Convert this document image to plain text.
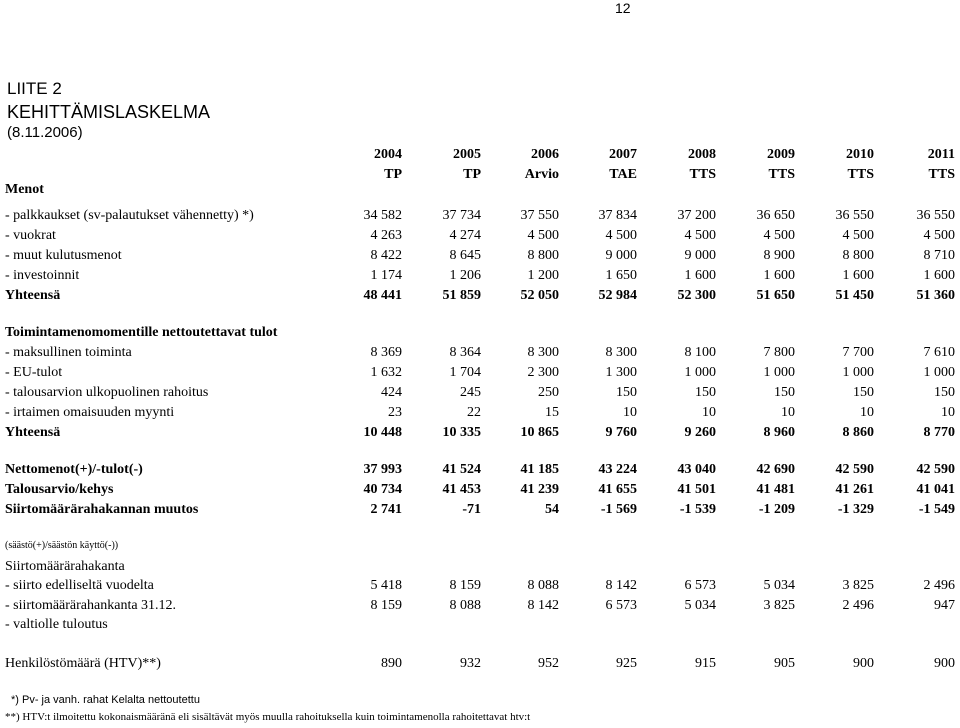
12
LIITE 2
KEHITTÄMISLASKELMA
(8.11.2006)
2004	2005	2006	2007	2008	2009	2010	2011
TP	TP	Arvio	TAE	TTS	TTS	TTS	TTS
Menot
- palkkaukset (sv-palautukset vähennetty) *)	34 582	37 734	37 550	37 834	37 200	36 650	36 550	36 550
- vuokrat	4 263	4 274	4 500	4 500	4 500	4 500	4 500	4 500
- muut kulutusmenot	8 422	8 645	8 800	9 000	9 000	8 900	8 800	8 710
- investoinnit	1 174	1 206	1 200	1 650	1 600	1 600	1 600	1 600
Yhteensä	48 441	51 859	52 050	52 984	52 300	51 650	51 450	51 360
Toimintamenomomentille nettoutettavat tulot
- maksullinen toiminta	8 369	8 364	8 300	8 300	8 100	7 800	7 700	7 610
- EU-tulot	1 632	1 704	2 300	1 300	1 000	1 000	1 000	1 000
- talousarvion ulkopuolinen rahoitus	424	245	250	150	150	150	150	150
- irtaimen omaisuuden myynti	23	22	15	10	10	10	10	10
Yhteensä	10 448	10 335	10 865	9 760	9 260	8 960	8 860	8 770
Nettomenot(+)/-tulot(-)	37 993	41 524	41 185	43 224	43 040	42 690	42 590	42 590
Talousarvio/kehys	40 734	41 453	41 239	41 655	41 501	41 481	41 261	41 041
Siirtomäärärahakannan muutos	2 741	-71	54	-1 569	-1 539	-1 209	-1 329	-1 549
(säästö(+)/säästön käyttö(-))
Siirtomäärärahakanta
- siirto edelliseltä vuodelta	5 418	8 159	8 088	8 142	6 573	5 034	3 825	2 496
- siirtomäärärahankanta 31.12.	8 159	8 088	8 142	6 573	5 034	3 825	2 496	947
- valtiolle tuloutus
Henkilöstömäärä (HTV)**)	890	932	952	925	915	905	900	900
*) Pv- ja vanh. rahat Kelalta nettoutettu
**) HTV:t ilmoitettu kokonaismääränä eli sisältävät myös muulla rahoituksella kuin toimintamenolla rahoitettavat htv:t
